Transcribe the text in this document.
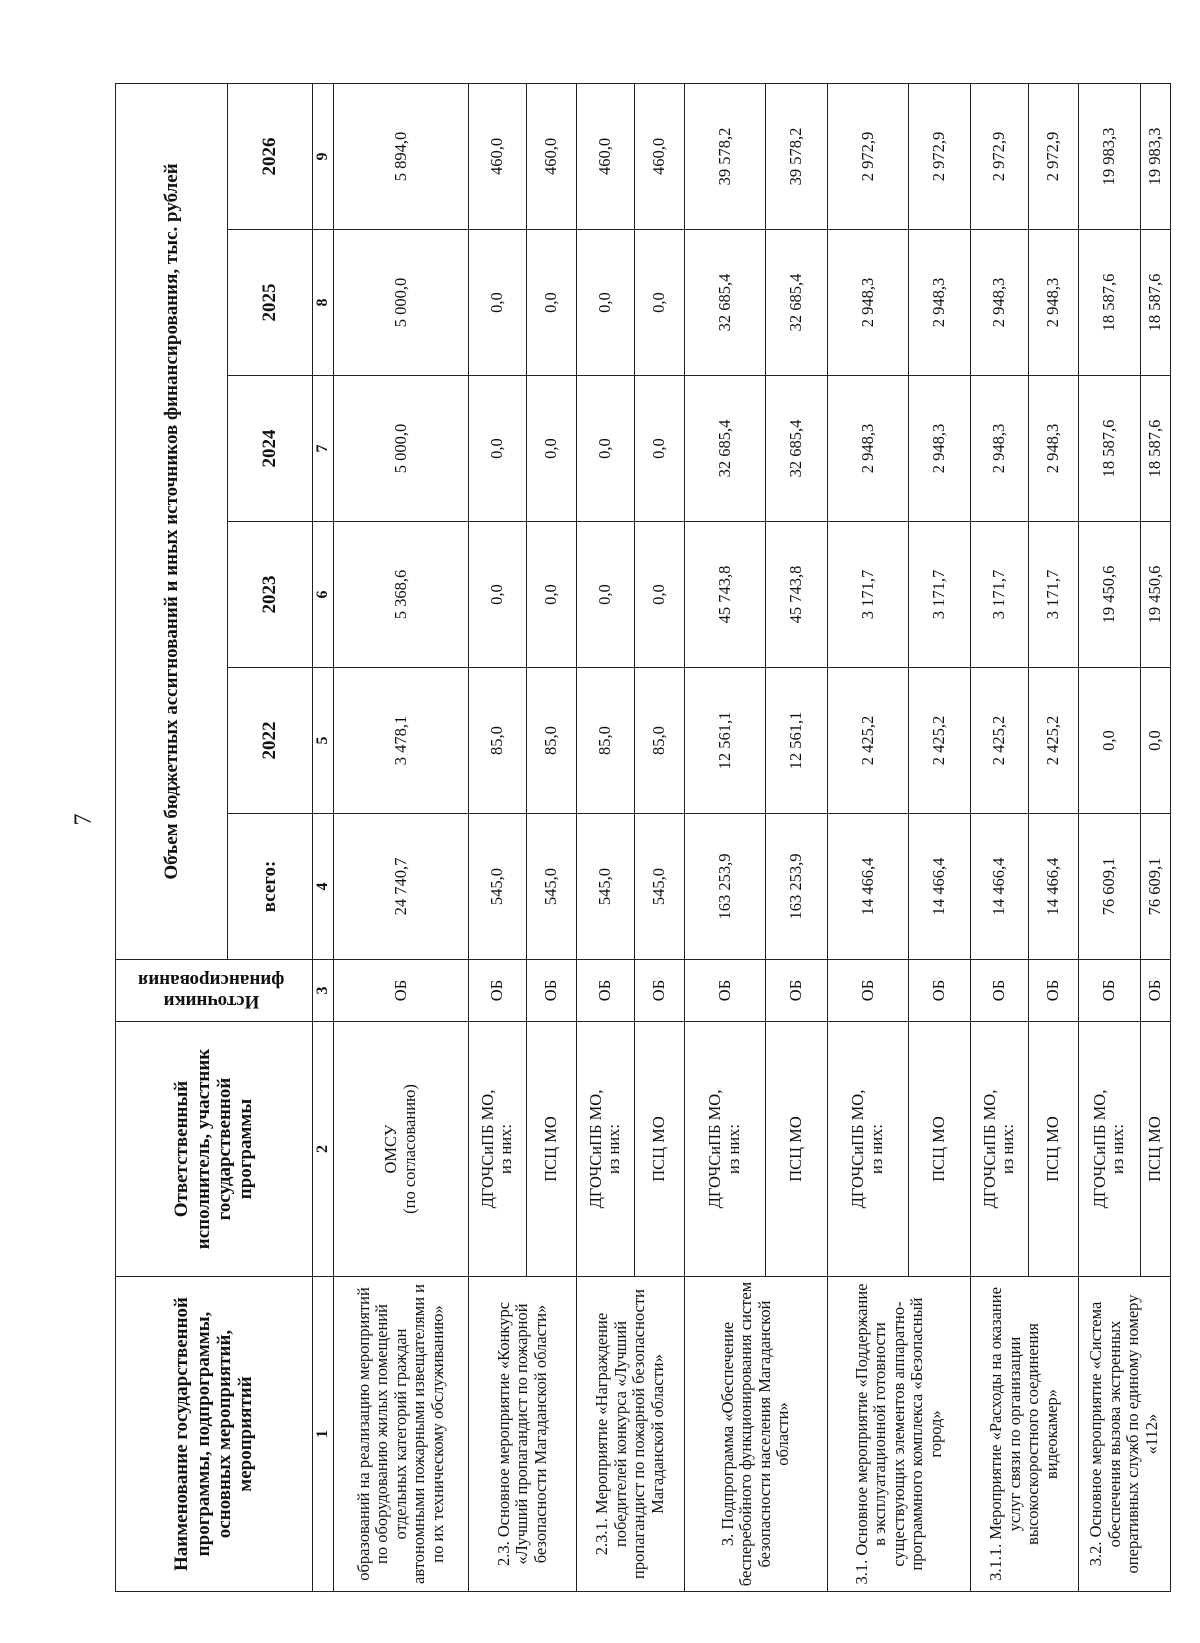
7
Наименование государственной программы, подпрограммы, основных мероприятий, мероприятий	Ответственный исполнитель, участник государственной программы	Источники
финансирования	Объем бюджетных ассигнований и иных источников финансирования, тыс. рублей					
			всего:	2022	2023	2024	2025	2026
1	2	3	4	5	6	7	8	9
образований на реализацию мероприятий по оборудованию жилых помещений отдельных категорий граждан автономными пожарными извещателями и по их техническому обслуживанию»	ОМСУ (по согласованию)	ОБ	24 740,7	3 478,1	5 368,6	5 000,0	5 000,0	5 894,0
2.3. Основное мероприятие «Конкурс «Лучший пропагандист по пожарной безопасности Магаданской области»	ДГОЧСиПБ МО, из них:	ОБ	545,0	85,0	0,0	0,0	0,0	460,0

	ПСЦ МО	ОБ	545,0	85,0	0,0	0,0	0,0	460,0
2.3.1. Мероприятие «Награждение победителей конкурса «Лучший пропагандист по пожарной безопасности Магаданской области»	ДГОЧСиПБ МО, из них:	ОБ	545,0	85,0	0,0	0,0	0,0	460,0

	ПСЦ МО	ОБ	545,0	85,0	0,0	0,0	0,0	460,0
3. Подпрограмма «Обеспечение бесперебойного функционирования систем безопасности населения Магаданской области»	ДГОЧСиПБ МО, из них:	ОБ	163 253,9	12 561,1	45 743,8	32 685,4	32 685,4	39 578,2

	ПСЦ МО	ОБ	163 253,9	12 561,1	45 743,8	32 685,4	32 685,4	39 578,2
3.1. Основное мероприятие «Поддержание в эксплуатационной готовности существующих элементов аппаратно-программного комплекса «Безопасный город»	ДГОЧСиПБ МО, из них:	ОБ	14 466,4	2 425,2	3 171,7	2 948,3	2 948,3	2 972,9

	ПСЦ МО	ОБ	14 466,4	2 425,2	3 171,7	2 948,3	2 948,3	2 972,9
3.1.1. Мероприятие «Расходы на оказание услуг связи по организации высокоскоростного соединения видеокамер»	ДГОЧСиПБ МО, из них:	ОБ	14 466,4	2 425,2	3 171,7	2 948,3	2 948,3	2 972,9

	ПСЦ МО	ОБ	14 466,4	2 425,2	3 171,7	2 948,3	2 948,3	2 972,9
3.2. Основное мероприятие «Система обеспечения вызова экстренных оперативных служб по единому номеру «112»	ДГОЧСиПБ МО, из них:	ОБ	76 609,1	0,0	19 450,6	18 587,6	18 587,6	19 983,3

	ПСЦ МО	ОБ	76 609,1	0,0	19 450,6	18 587,6	18 587,6	19 983,3
